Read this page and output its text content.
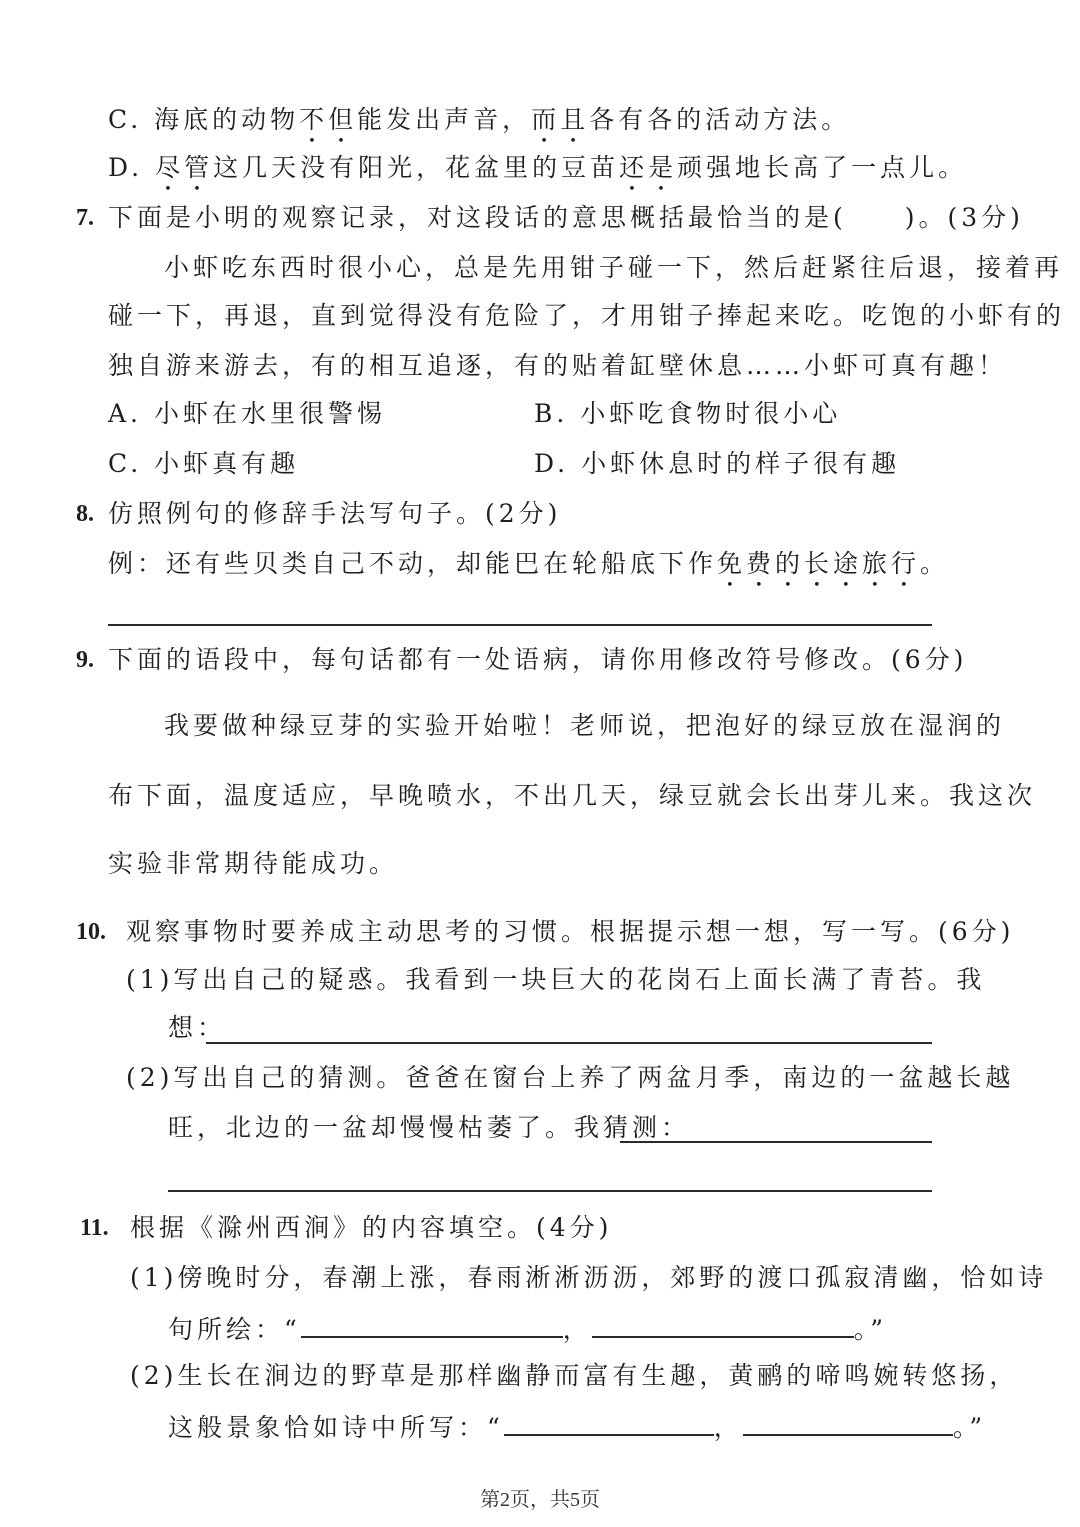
C. 海底的动物不但能发出声音，而且各有各的活动方法。
D. 尽管这几天没有阳光，花盆里的豆苗还是顽强地长高了一点儿。
7. 下面是小明的观察记录，对这段话的意思概括最恰当的是(　　)。(3分)
小虾吃东西时很小心，总是先用钳子碰一下，然后赶紧往后退，接着再
碰一下，再退，直到觉得没有危险了，才用钳子捧起来吃。吃饱的小虾有的
独自游来游去，有的相互追逐，有的贴着缸壁休息……小虾可真有趣！
A. 小虾在水里很警惕	B. 小虾吃食物时很小心
C. 小虾真有趣	D. 小虾休息时的样子很有趣
8. 仿照例句的修辞手法写句子。(2分)
例：还有些贝类自己不动，却能巴在轮船底下作免费的长途旅行。
9. 下面的语段中，每句话都有一处语病，请你用修改符号修改。(6分)
我要做种绿豆芽的实验开始啦！老师说，把泡好的绿豆放在湿润的
布下面，温度适应，早晚喷水，不出几天，绿豆就会长出芽儿来。我这次
实验非常期待能成功。
10. 观察事物时要养成主动思考的习惯。根据提示想一想，写一写。(6分)
(1)写出自己的疑惑。我看到一块巨大的花岗石上面长满了青苔。我
想：
(2)写出自己的猜测。爸爸在窗台上养了两盆月季，南边的一盆越长越
旺，北边的一盆却慢慢枯萎了。我猜测：
11. 根据《滁州西涧》的内容填空。(4分)
(1)傍晚时分，春潮上涨，春雨淅淅沥沥，郊野的渡口孤寂清幽，恰如诗
句所绘：“	，	。”
(2)生长在涧边的野草是那样幽静而富有生趣，黄鹂的啼鸣婉转悠扬，
这般景象恰如诗中所写：“	，	。”
第2页，共5页
